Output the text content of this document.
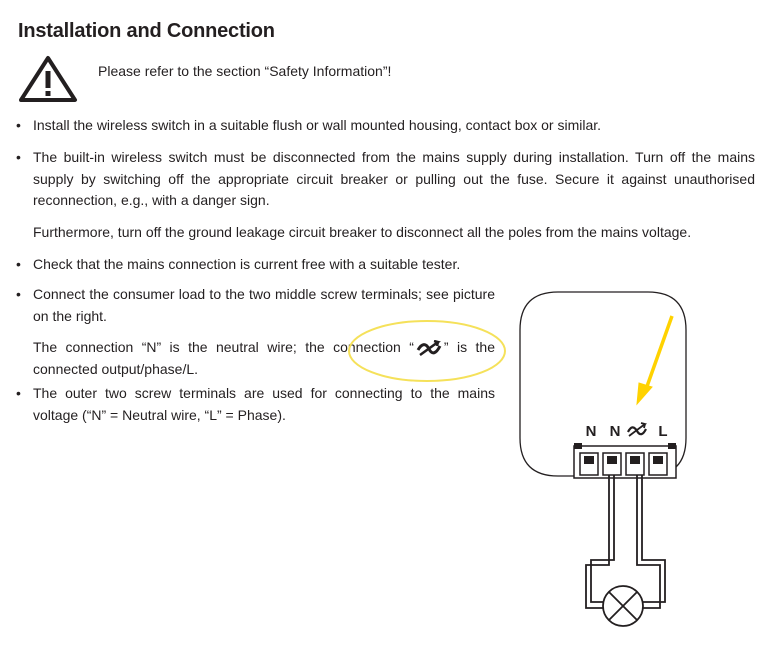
Installation and Connection
Please refer to the section “Safety Information”!
• Install the wireless switch in a suitable flush or wall mounted housing, contact box or similar.
• The built-in wireless switch must be disconnected from the mains supply during installation. Turn off the mains supply by switching off the appropriate circuit breaker or pulling out the fuse. Secure it against unauthorised reconnection, e.g., with a danger sign.
Furthermore, turn off the ground leakage circuit breaker to disconnect all the poles from the mains voltage.
• Check that the mains connection is current free with a suitable tester.
• Connect the consumer load to the two middle screw terminals; see picture on the right.
The connection “N” is the neutral wire; the connection “ ” is the connected output/phase/L.
• The outer two screw terminals are used for connecting to the mains voltage (“N” = Neutral wire, “L” = Phase).
N N	L
